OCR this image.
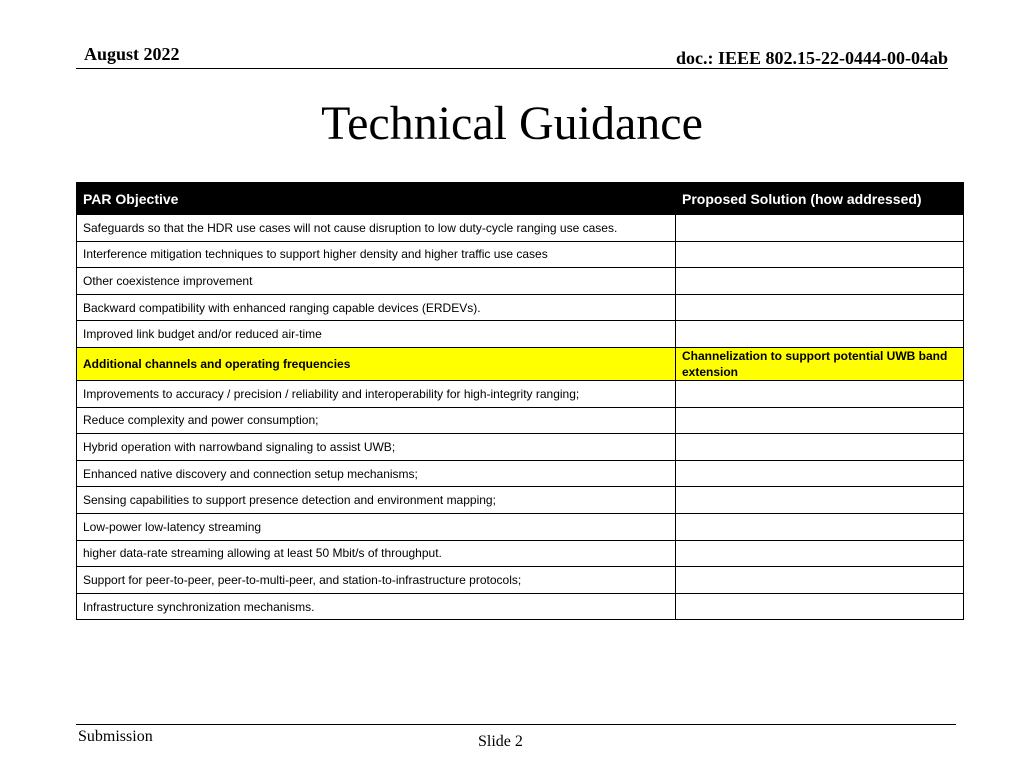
August 2022	doc.: IEEE 802.15-22-0444-00-04ab
Technical Guidance
PAR Objective	Proposed Solution (how addressed)
Safeguards so that the HDR use cases will not cause disruption to low duty-cycle ranging use cases.	
Interference mitigation techniques to support higher density and higher traffic use cases	
Other coexistence improvement	
Backward compatibility with enhanced ranging capable devices (ERDEVs).	
Improved link budget and/or reduced air-time	
Additional channels and operating frequencies	Channelization to support potential UWB band extension
Improvements to accuracy / precision / reliability and interoperability for high-integrity ranging;	
Reduce complexity and power consumption;	
Hybrid operation with narrowband signaling to assist UWB;	
Enhanced native discovery and connection setup mechanisms;	
Sensing capabilities to support presence detection and environment mapping;	
Low-power low-latency streaming	
higher data-rate streaming allowing at least 50 Mbit/s of throughput.	
Support for peer-to-peer, peer-to-multi-peer, and station-to-infrastructure protocols;	
Infrastructure synchronization mechanisms.	
Submission	Slide 2
